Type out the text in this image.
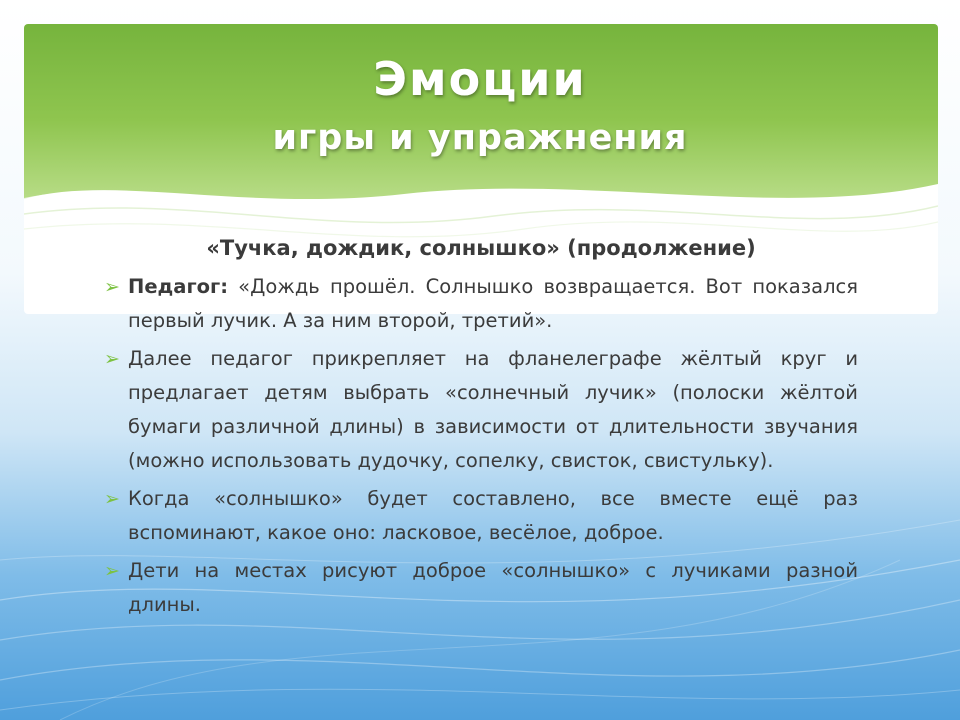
Эмоции
игры и упражнения
«Тучка, дождик, солнышко» (продолжение)
➢ Педагог: «Дождь прошёл. Солнышко возвращается. Вот показался первый лучик. А за ним второй, третий».
➢ Далее педагог прикрепляет на фланелеграфе жёлтый круг и предлагает детям выбрать «солнечный лучик» (полоски жёлтой бумаги различной длины) в зависимости от длительности звучания (можно использовать дудочку, сопелку, свисток, свистульку).
➢ Когда «солнышко» будет составлено, все вместе ещё раз вспоминают, какое оно: ласковое, весёлое, доброе.
➢ Дети на местах рисуют доброе «солнышко» с лучиками разной длины.
